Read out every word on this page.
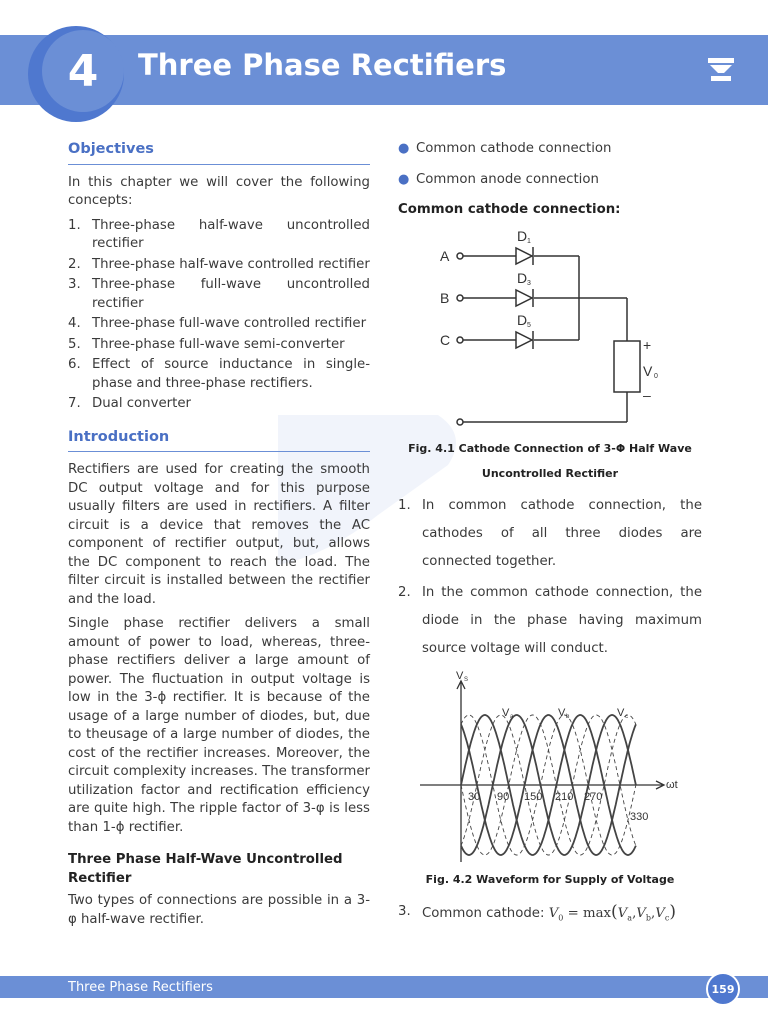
4	Three Phase Rectifiers
Objectives

In this chapter we will cover the following concepts:

1. Three-phase half-wave uncontrolled rectifier
2. Three-phase half-wave controlled rectifier
3. Three-phase full-wave uncontrolled rectifier
4. Three-phase full-wave controlled rectifier
5. Three-phase full-wave semi-converter
6. Effect of source inductance in single-phase and three-phase rectifiers.
7. Dual converter
Introduction

Rectifiers are used for creating the smooth DC output voltage and for this purpose usually filters are used in rectifiers. A filter circuit is a device that removes the AC component of rectifier output, but, allows the DC component to reach the load. The filter circuit is installed between the rectifier and the load.

Single phase rectifier delivers a small amount of power to load, whereas, three-phase rectifiers deliver a large amount of power. The fluctuation in output voltage is low in the 3-ϕ rectifier. It is because of the usage of a large number of diodes, but, due to theusage of a large number of diodes, the cost of the rectifier increases. Moreover, the circuit complexity increases. The transformer utilization factor and rectification efficiency are quite high. The ripple factor of 3-φ is less than 1-ϕ rectifier.

Three Phase Half-Wave Uncontrolled Rectifier

Two types of connections are possible in a 3-φ half-wave rectifier.

● Common cathode connection
● Common anode connection
Common cathode connection:
A
B
C
D
D
D
+
V
–
1
3
5
0
Fig. 4.1 Cathode Connection of 3-Φ Half Wave
Uncontrolled Rectifier
1. In common cathode connection, the cathodes of all three diodes are connected together.
2. In the common cathode connection, the diode in the phase having maximum source voltage will conduct.
V
ωt
V	V	V
30 90 150 210 270
330
S
a	b	c
Fig. 4.2 Waveform for Supply of Voltage
3. Common cathode: $V_0 = \max(V_a,V_b,V_c)$
Three Phase Rectifiers	159
